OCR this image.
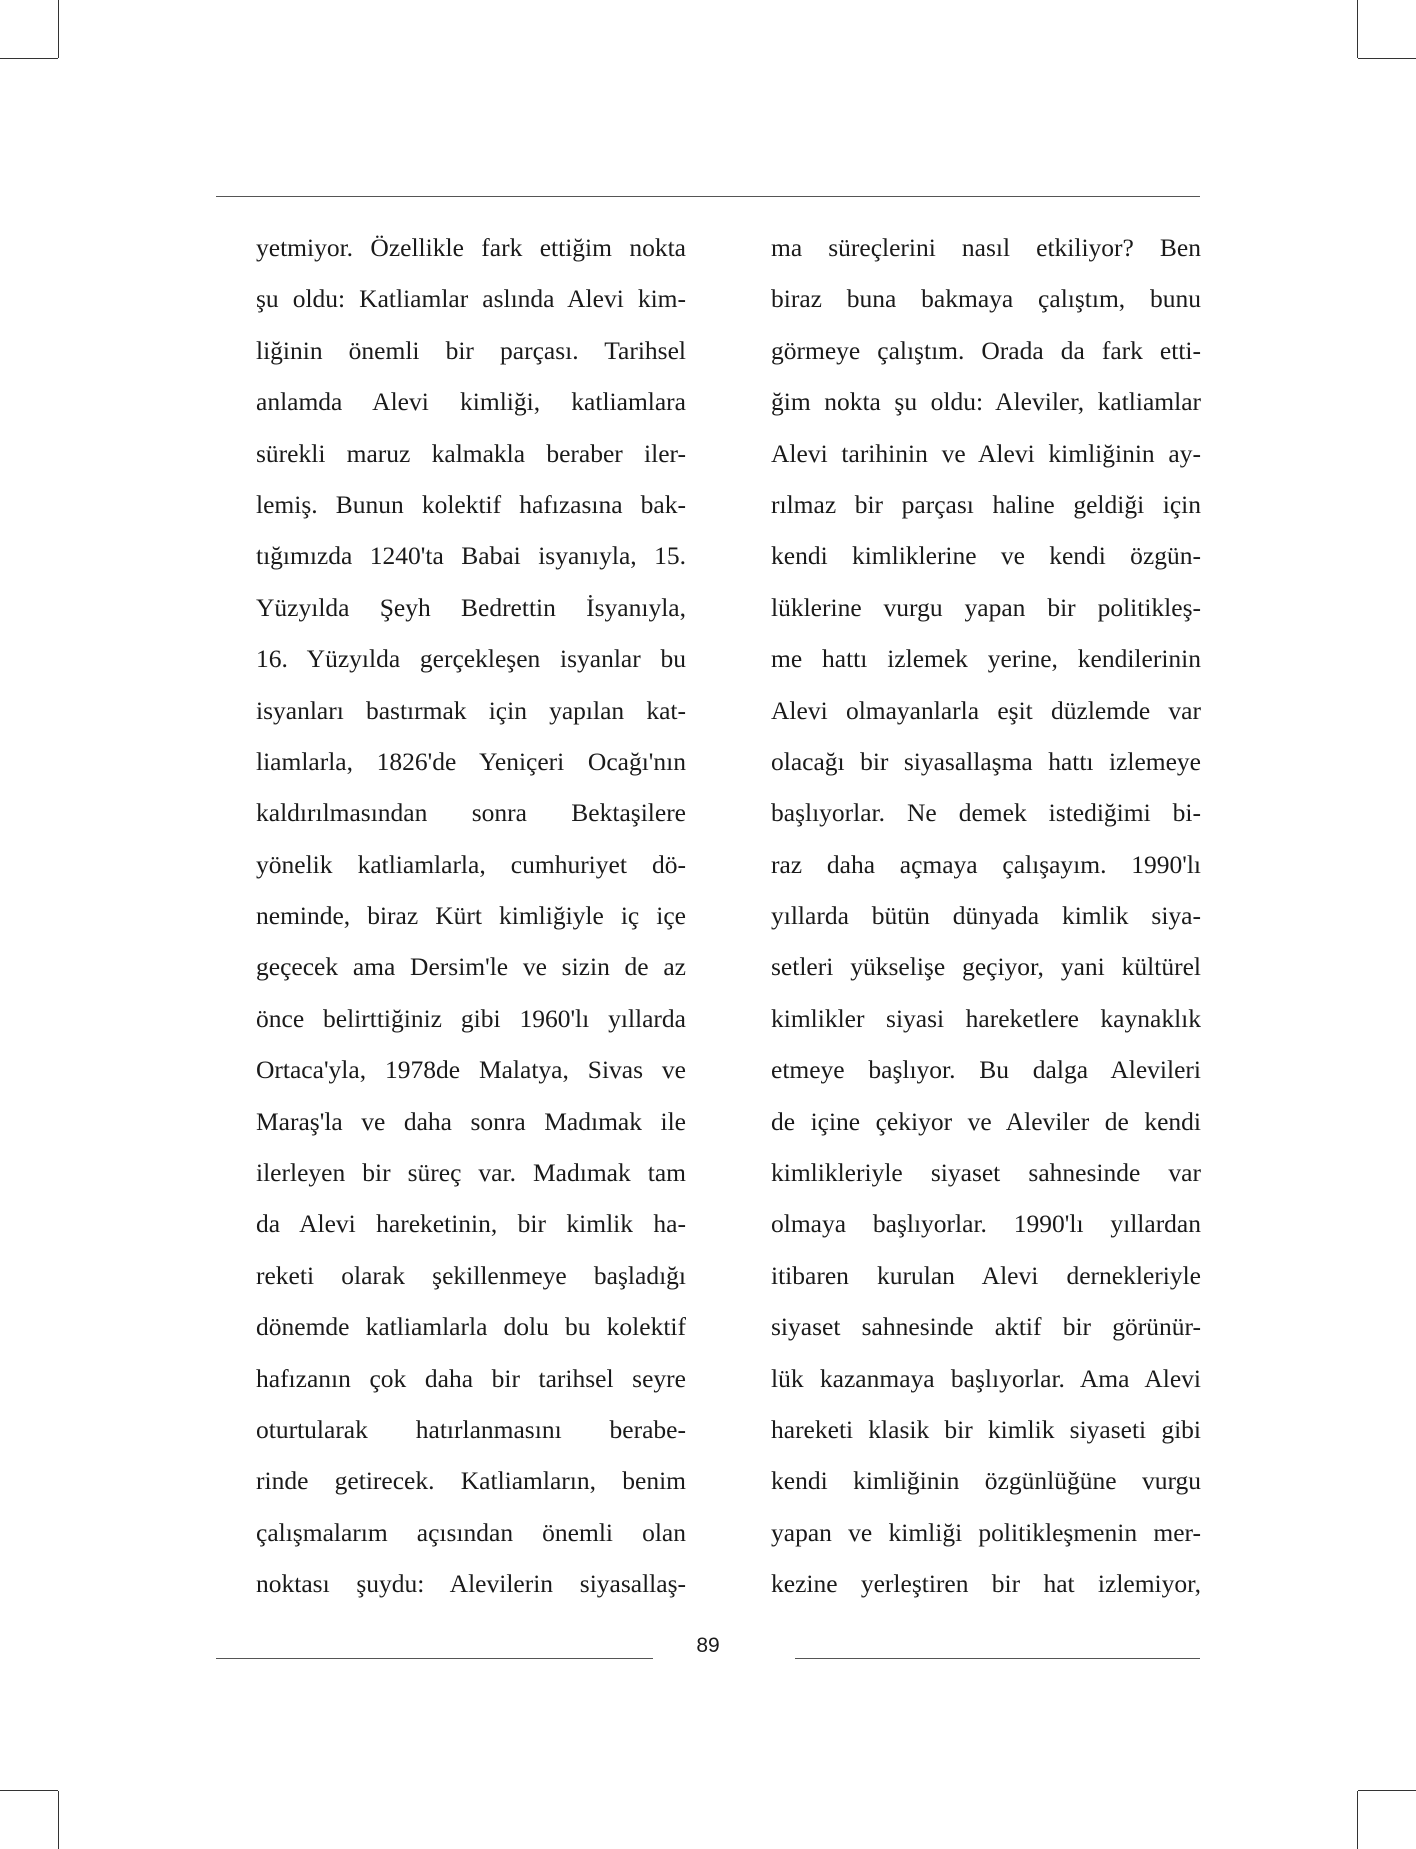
yetmiyor. Özellikle fark ettiğim nokta
şu oldu: Katliamlar aslında Alevi kim-
liğinin önemli bir parçası. Tarihsel
anlamda Alevi kimliği, katliamlara
sürekli maruz kalmakla beraber iler-
lemiş. Bunun kolektif hafızasına bak-
tığımızda 1240'ta Babai isyanıyla, 15.
Yüzyılda Şeyh Bedrettin İsyanıyla,
16. Yüzyılda gerçekleşen isyanlar bu
isyanları bastırmak için yapılan kat-
liamlarla, 1826'de Yeniçeri Ocağı'nın
kaldırılmasından sonra Bektaşilere
yönelik katliamlarla, cumhuriyet dö-
neminde, biraz Kürt kimliğiyle iç içe
geçecek ama Dersim'le ve sizin de az
önce belirttiğiniz gibi 1960'lı yıllarda
Ortaca'yla, 1978de Malatya, Sivas ve
Maraş'la ve daha sonra Madımak ile
ilerleyen bir süreç var. Madımak tam
da Alevi hareketinin, bir kimlik ha-
reketi olarak şekillenmeye başladığı
dönemde katliamlarla dolu bu kolektif
hafızanın çok daha bir tarihsel seyre
oturtularak hatırlanmasını berabe-
rinde getirecek. Katliamların, benim
çalışmalarım açısından önemli olan
noktası şuydu: Alevilerin siyasallaş-
ma süreçlerini nasıl etkiliyor? Ben
biraz buna bakmaya çalıştım, bunu
görmeye çalıştım. Orada da fark etti-
ğim nokta şu oldu: Aleviler, katliamlar
Alevi tarihinin ve Alevi kimliğinin ay-
rılmaz bir parçası haline geldiği için
kendi kimliklerine ve kendi özgün-
lüklerine vurgu yapan bir politikleş-
me hattı izlemek yerine, kendilerinin
Alevi olmayanlarla eşit düzlemde var
olacağı bir siyasallaşma hattı izlemeye
başlıyorlar. Ne demek istediğimi bi-
raz daha açmaya çalışayım. 1990'lı
yıllarda bütün dünyada kimlik siya-
setleri yükselişe geçiyor, yani kültürel
kimlikler siyasi hareketlere kaynaklık
etmeye başlıyor. Bu dalga Alevileri
de içine çekiyor ve Aleviler de kendi
kimlikleriyle siyaset sahnesinde var
olmaya başlıyorlar. 1990'lı yıllardan
itibaren kurulan Alevi dernekleriyle
siyaset sahnesinde aktif bir görünür-
lük kazanmaya başlıyorlar. Ama Alevi
hareketi klasik bir kimlik siyaseti gibi
kendi kimliğinin özgünlüğüne vurgu
yapan ve kimliği politikleşmenin mer-
kezine yerleştiren bir hat izlemiyor,
89
